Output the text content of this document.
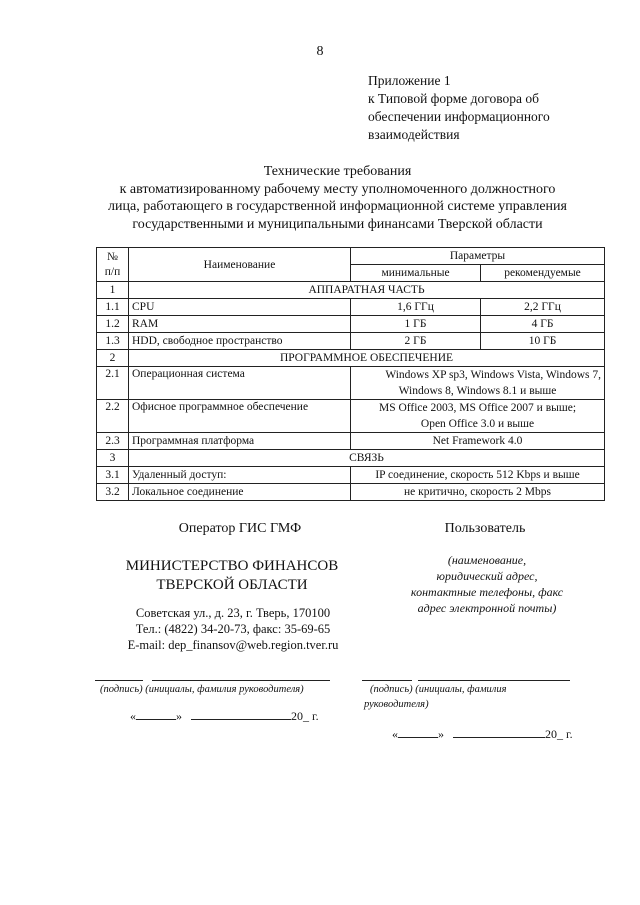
8
Приложение 1
к Типовой форме договора об
обеспечении информационного
взаимодействия
Технические требования
к автоматизированному рабочему месту уполномоченного должностного
лица, работающего в государственной информационной системе управления
государственными и муниципальными финансами Тверской области
№
п/п	Наименование	Параметры	
		минимальные	рекомендуемые
1	АППАРАТНАЯ ЧАСТЬ		
1.1	CPU	1,6 ГГц	2,2 ГГц
1.2	RAM	1 ГБ	4 ГБ
1.3	HDD, свободное пространство	2 ГБ	10 ГБ
2	ПРОГРАММНОЕ ОБЕСПЕЧЕНИЕ		
2.1	Операционная система	Windows XP sp3, Windows Vista, Windows 7,
Windows 8, Windows 8.1 и выше	

2.2	Офисное программное обеспечение	MS Office 2003, MS Office 2007 и выше;
Open Office 3.0 и выше	

2.3	Программная платформа	Net Framework 4.0	
3	СВЯЗЬ		
3.1	Удаленный доступ:	IP соединение, скорость 512 Kbps и выше	
3.2	Локальное соединение	не критично, скорость 2 Mbps	
Оператор ГИС ГМФ	Пользователь
МИНИСТЕРСТВО ФИНАНСОВ
ТВЕРСКОЙ ОБЛАСТИ
Советская ул., д. 23, г. Тверь, 170100
Тел.: (4822) 34-20-73, факс: 35-69-65
E-mail: dep_finansov@web.region.tver.ru
(наименование,
юридический адрес,
контактные телефоны, факс
адрес электронной почты)
(подпись) (инициалы, фамилия руководителя)
«	»	20_ г.
(подпись) (инициалы, фамилия
руководителя)
«	»	20_ г.
